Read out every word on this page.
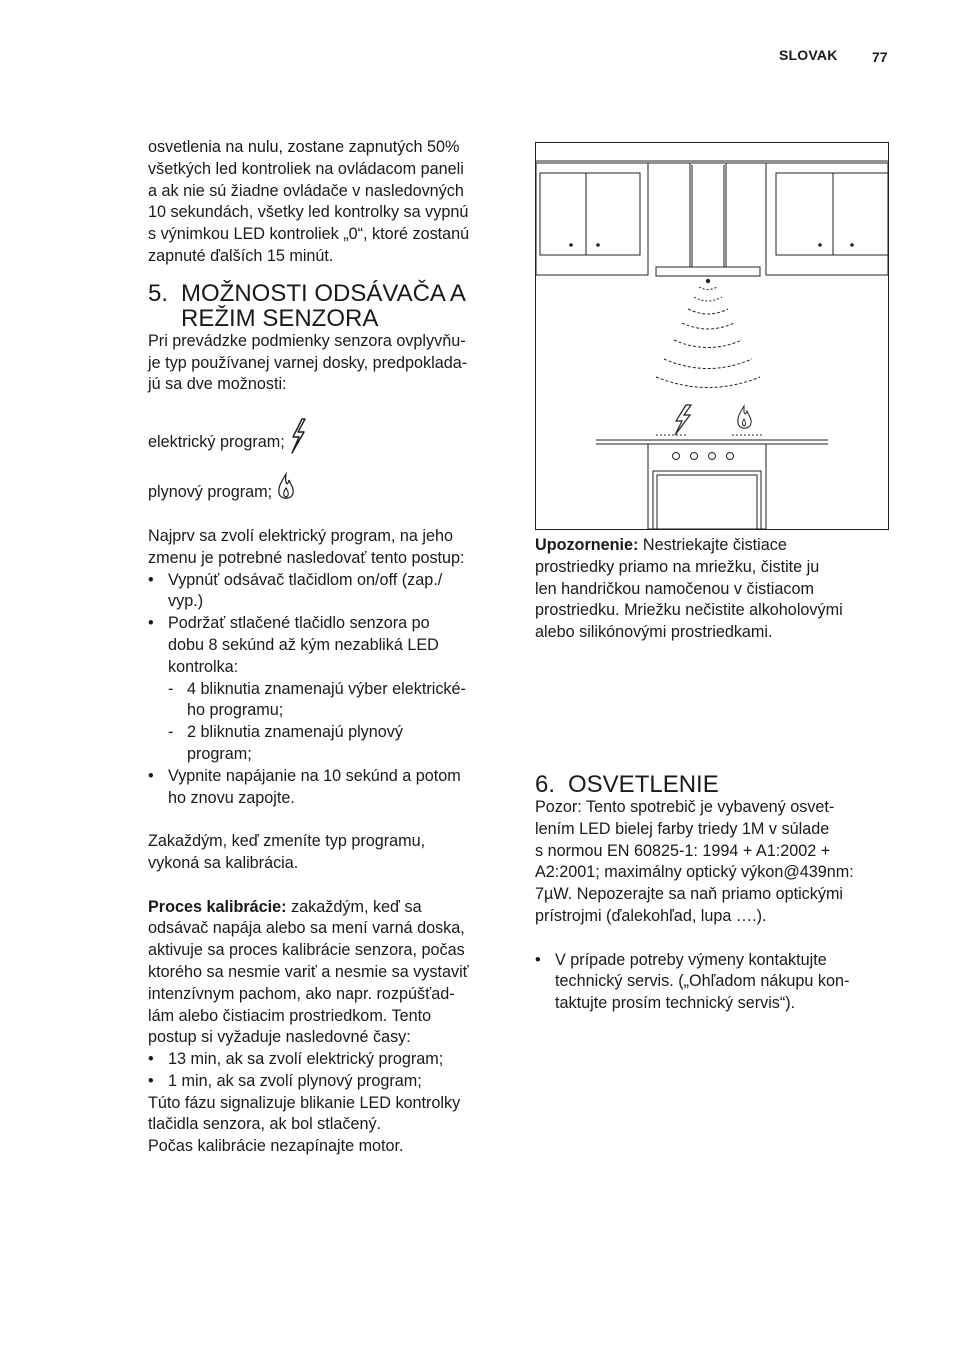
SLOVAK 77

osvetlenia na nulu, zostane zapnutých 50%

všetkých led kontroliek na ovládacom paneli

a ak nie sú žiadne ovládače v nasledovných

10 sekundách, všetky led kontrolky sa vypnú

s výnimkou LED kontroliek „0“, ktoré zostanú

zapnuté ďalších 15 minút.

5. MOŽNOSTI ODSÁVAČA A
REŽIM SENZORA

Pri prevádzke podmienky senzora ovplyvňu-

je typ používanej varnej dosky, predpoklada-

jú sa dve možnosti:

elektrický program;
plynový program;

Najprv sa zvolí elektrický program, na jeho

zmenu je potrebné nasledovať tento postup:

• Vypnúť odsávač tlačidlom on/off (zap./
vyp.)
• Podržať stlačené tlačidlo senzora po
dobu 8 sekúnd až kým nezabliká LED
kontrolka:
- 4 bliknutia znamenajú výber elektrické-
ho programu;
- 2 bliknutia znamenajú plynový
program;
• Vypnite napájanie na 10 sekúnd a potom
ho znovu zapojte.

Zakaždým, keď zmeníte typ programu,

vykoná sa kalibrácia.

Proces kalibrácie: zakaždým, keď sa

odsávač napája alebo sa mení varná doska,

aktivuje sa proces kalibrácie senzora, počas

ktorého sa nesmie variť a nesmie sa vystaviť

intenzívnym pachom, ako napr. rozpúšťad-

lám alebo čistiacim prostriedkom. Tento

postup si vyžaduje nasledovné časy:

• 13 min, ak sa zvolí elektrický program;
• 1 min, ak sa zvolí plynový program;

Túto fázu signalizuje blikanie LED kontrolky

tlačidla senzora, ak bol stlačený.

Počas kalibrácie nezapínajte motor.

Upozornenie: Nestriekajte čistiace

prostriedky priamo na mriežku, čistite ju

len handričkou namočenou v čistiacom

prostriedku. Mriežku nečistite alkoholovými

alebo silikónovými prostriedkami.

6. OSVETLENIE

Pozor: Tento spotrebič je vybavený osvet-

lením LED bielej farby triedy 1M v súlade

s normou EN 60825-1: 1994 + A1:2002 +

A2:2001; maximálny optický výkon@439nm:

7µW. Nepozerajte sa naň priamo optickými

prístrojmi (ďalekohľad, lupa ….).

• V prípade potreby výmeny kontaktujte
technický servis. („Ohľadom nákupu kon-
taktujte prosím technický servis“).
